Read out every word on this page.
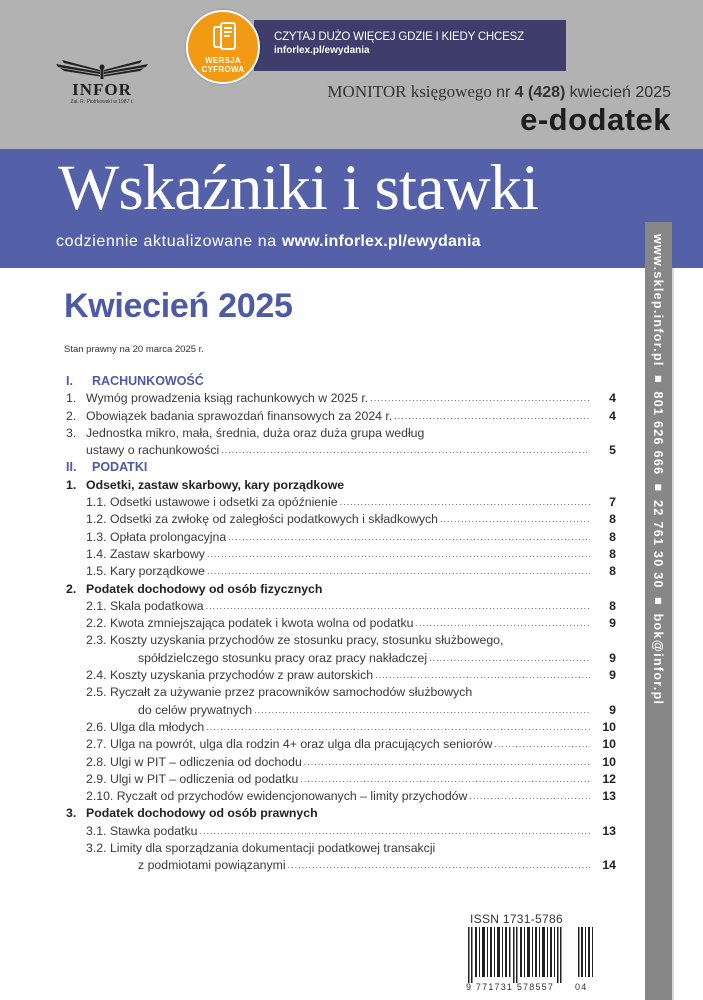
INFOR
Zał. R. Piotrkowski w 1987 r.
WERSJA
CYFROWA
CZYTAJ DUŻO WIĘCEJ GDZIE I KIEDY CHCESZ
inforlex.pl/ewydania
MONITOR księgowego nr 4 (428) kwiecień 2025
e-dodatek
Wskaźniki i stawki
codziennie aktualizowane na www.inforlex.pl/ewydania	www.sklep.infor.pl ■ 801 626 666 ■ 22 761 30 30 ■ bok@infor.pl
Kwiecień 2025
Stan prawny na 20 marca 2025 r.
I. RACHUNKOWOŚĆ
1. Wymóg prowadzenia ksiąg rachunkowych w 2025 r. .....	4
2. Obowiązek badania sprawozdań finansowych za 2024 r. .....	4
3. Jednostka mikro, mała, średnia, duża oraz duża grupa według
ustawy o rachunkowości .....	5
II. PODATKI
1. Odsetki, zastaw skarbowy, kary porządkowe
1.1. Odsetki ustawowe i odsetki za opóźnienie .....	7
1.2. Odsetki za zwłokę od zaległości podatkowych i składkowych .....	8
1.3. Opłata prolongacyjna .....	8
1.4. Zastaw skarbowy .....	8
1.5. Kary porządkowe .....	8
2. Podatek dochodowy od osób fizycznych
2.1. Skala podatkowa .....	8
2.2. Kwota zmniejszająca podatek i kwota wolna od podatku .....	9
2.3. Koszty uzyskania przychodów ze stosunku pracy, stosunku służbowego,
spółdzielczego stosunku pracy oraz pracy nakładczej .....	9
2.4. Koszty uzyskania przychodów z praw autorskich .....	9
2.5. Ryczałt za używanie przez pracowników samochodów służbowych
do celów prywatnych .....	9
2.6. Ulga dla młodych .....	10
2.7. Ulga na powrót, ulga dla rodzin 4+ oraz ulga dla pracujących seniorów .....	10
2.8. Ulgi w PIT – odliczenia od dochodu .....	10
2.9. Ulgi w PIT – odliczenia od podatku .....	12
2.10. Ryczałt od przychodów ewidencjonowanych – limity przychodów .....	13
3. Podatek dochodowy od osób prawnych
3.1. Stawka podatku .....	13
3.2. Limity dla sporządzania dokumentacji podatkowej transakcji
z podmiotami powiązanymi .....	14
ISSN 1731-5786
9 771731 578557 04
